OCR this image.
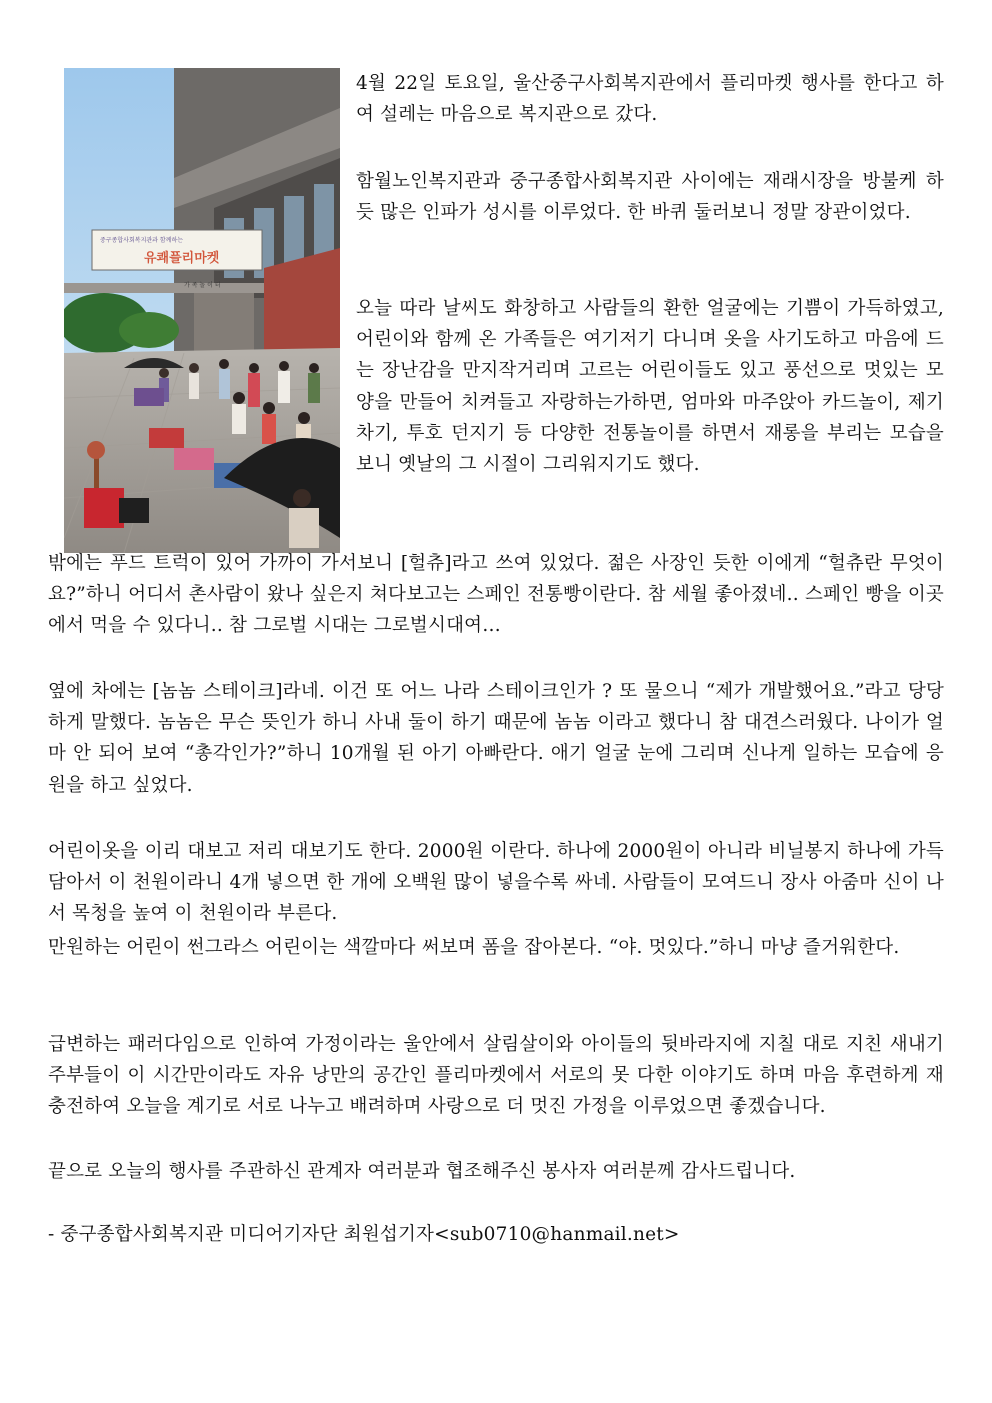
중구종합사회복지관과 함께하는
유쾌플리마켓
가 족 놀 이 터

4월 22일 토요일, 울산중구사회복지관에서 플리마켓 행사를 한다고 하여 설레는 마음으로 복지관으로 갔다.

함월노인복지관과 중구종합사회복지관 사이에는 재래시장을 방불케 하듯 많은 인파가 성시를 이루었다. 한 바퀴 둘러보니 정말 장관이었다.

오늘 따라 날씨도 화창하고 사람들의 환한 얼굴에는 기쁨이 가득하였고, 어린이와 함께 온 가족들은 여기저기 다니며 옷을 사기도하고 마음에 드는 장난감을 만지작거리며 고르는 어린이들도 있고 풍선으로 멋있는 모양을 만들어 치켜들고 자랑하는가하면, 엄마와 마주앉아 카드놀이, 제기차기, 투호 던지기 등 다양한 전통놀이를 하면서 재롱을 부리는 모습을 보니 옛날의 그 시절이 그리워지기도 했다.

밖에는 푸드 트럭이 있어 가까이 가서보니 [헐츄]라고 쓰여 있었다. 젊은 사장인 듯한 이에게 “헐츄란 무엇이요?”하니 어디서 촌사람이 왔나 싶은지 쳐다보고는 스페인 전통빵이란다. 참 세월 좋아졌네.. 스페인 빵을 이곳에서 먹을 수 있다니.. 참 그로벌 시대는 그로벌시대여…

옆에 차에는 [놈놈 스테이크]라네. 이건 또 어느 나라 스테이크인가 ? 또 물으니 “제가 개발했어요.”라고 당당하게 말했다. 놈놈은 무슨 뜻인가 하니 사내 둘이 하기 때문에 놈놈 이라고 했다니 참 대견스러웠다. 나이가 얼마 안 되어 보여 “총각인가?”하니 10개월 된 아기 아빠란다. 애기 얼굴 눈에 그리며 신나게 일하는 모습에 응원을 하고 싶었다.

어린이옷을 이리 대보고 저리 대보기도 한다. 2000원 이란다. 하나에 2000원이 아니라 비닐봉지 하나에 가득 담아서 이 천원이라니 4개 넣으면 한 개에 오백원 많이 넣을수록 싸네. 사람들이 모여드니 장사 아줌마 신이 나서 목청을 높여 이 천원이라 부른다.

만원하는 어린이 썬그라스 어린이는 색깔마다 써보며 폼을 잡아본다. “야. 멋있다.”하니 마냥 즐거워한다.

급변하는 패러다임으로 인하여 가정이라는 울안에서 살림살이와 아이들의 뒷바라지에 지칠 대로 지친 새내기 주부들이 이 시간만이라도 자유 낭만의 공간인 플리마켓에서 서로의 못 다한 이야기도 하며 마음 후련하게 재충전하여 오늘을 계기로 서로 나누고 배려하며 사랑으로 더 멋진 가정을 이루었으면 좋겠습니다.

끝으로 오늘의 행사를 주관하신 관계자 여러분과 협조해주신 봉사자 여러분께 감사드립니다.

- 중구종합사회복지관 미디어기자단 최원섭기자<sub0710@hanmail.net>
